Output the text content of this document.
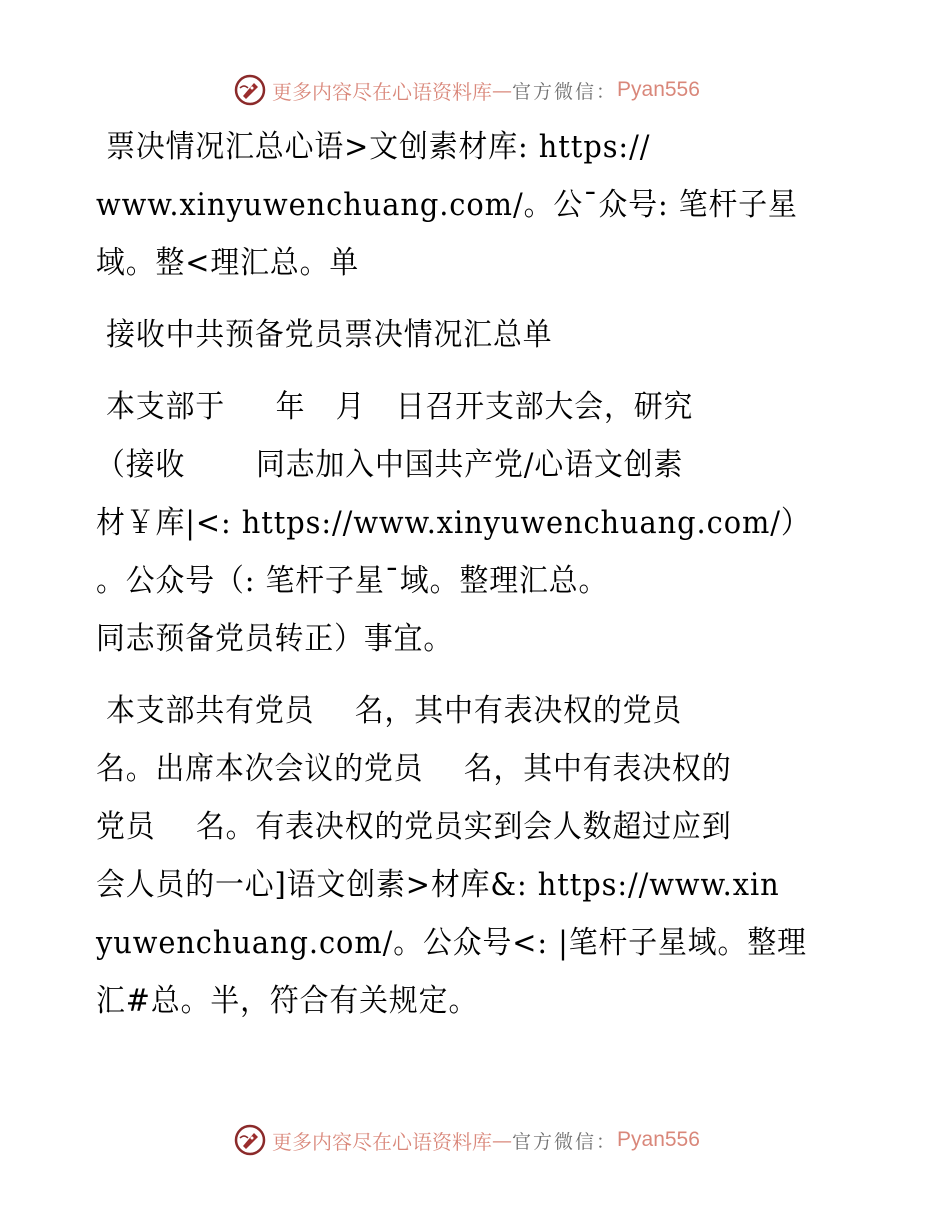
更多内容尽在心语资料库 — 官方微信： Pyan556
票决情况汇总心语>文创素材库: https://
www.xinyuwenchuang.com/。公¯众号: 笔杆子星
域。整<理汇总。单
接收中共预备党员票决情况汇总单
本支部于     年   月   日召开支部大会，研究
（接收       同志加入中国共产党/心语文创素
材￥库|<: https://www.xinyuwenchuang.com/）
。公众号（: 笔杆子星¯域。整理汇总。
同志预备党员转正）事宜。
本支部共有党员    名，其中有表决权的党员
名。出席本次会议的党员    名，其中有表决权的
党员    名。有表决权的党员实到会人数超过应到
会人员的一心]语文创素>材库&: https://www.xin
yuwenchuang.com/。公众号<: |笔杆子星域。整理
汇#总。半，符合有关规定。
更多内容尽在心语资料库 — 官方微信： Pyan556
